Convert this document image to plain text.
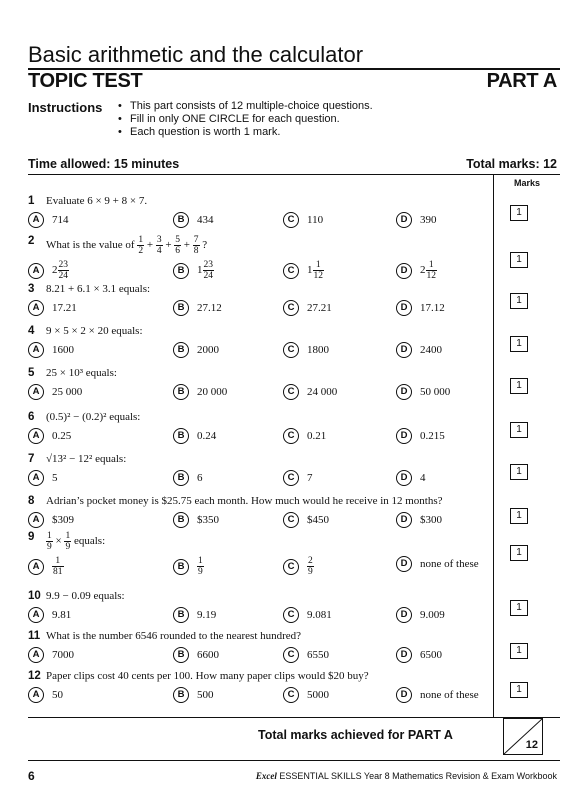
Basic arithmetic and the calculator
TOPIC TEST	PART A
Instructions
•	This part consists of 12 multiple-choice questions.
• Fill in only ONE CIRCLE for each question.
• Each question is worth 1 mark.
Time allowed: 15 minutes	Total marks: 12
Marks
1 Evaluate 6 × 9 + 8 × 7.
A 714	B 434	C 110	D 390
2 What is the value of $\frac{1}{2} + \frac{3}{4} + \frac{5}{6} + \frac{7}{8}$ ?
A $2 \frac{23}{24}$	B $1 \frac{23}{24}$	C $1 \frac{1}{12}$	D $2 \frac{1}{12}$
3 8.21 + 6.1 × 3.1 equals:
A 17.21	B 27.12	C 27.21	D 17.12
4 9 × 5 × 2 × 20 equals:
A 1600	B 2000	C 1800	D 2400
5 25 × 10³ equals:
A 25 000	B 20 000	C 24 000	D 50 000
6 (0.5)² − (0.2)² equals:
A 0.25	B 0.24	C 0.21	D 0.215
7 √13² − 12² equals:
A 5	B 6	C 7	D 4
8 Adrian’s pocket money is $25.75 each month. How much would he receive in 12 months?
A $309	B $350	C $450	D $300
$9 \frac{1}{9} \times \frac{1}{9}$ equals:
A $\frac{1}{81}$	B $\frac{1}{9}$	C $\frac{2}{9}$	D none of these
10 9.9 − 0.09 equals:
A 9.81	B 9.19	C 9.081	D 9.009
11 What is the number 6546 rounded to the nearest hundred?
A 7000	B 6600	C 6550	D 6500
12 Paper clips cost 40 cents per 100. How many paper clips would $20 buy?
A 50	B 500	C 5000	D none of these
Total marks achieved for PART A
12
6	Excel ESSENTIAL SKILLS Year 8 Mathematics Revision & Exam Workbook
1
1
1
1
1
1
1
1
1
1
1
1
